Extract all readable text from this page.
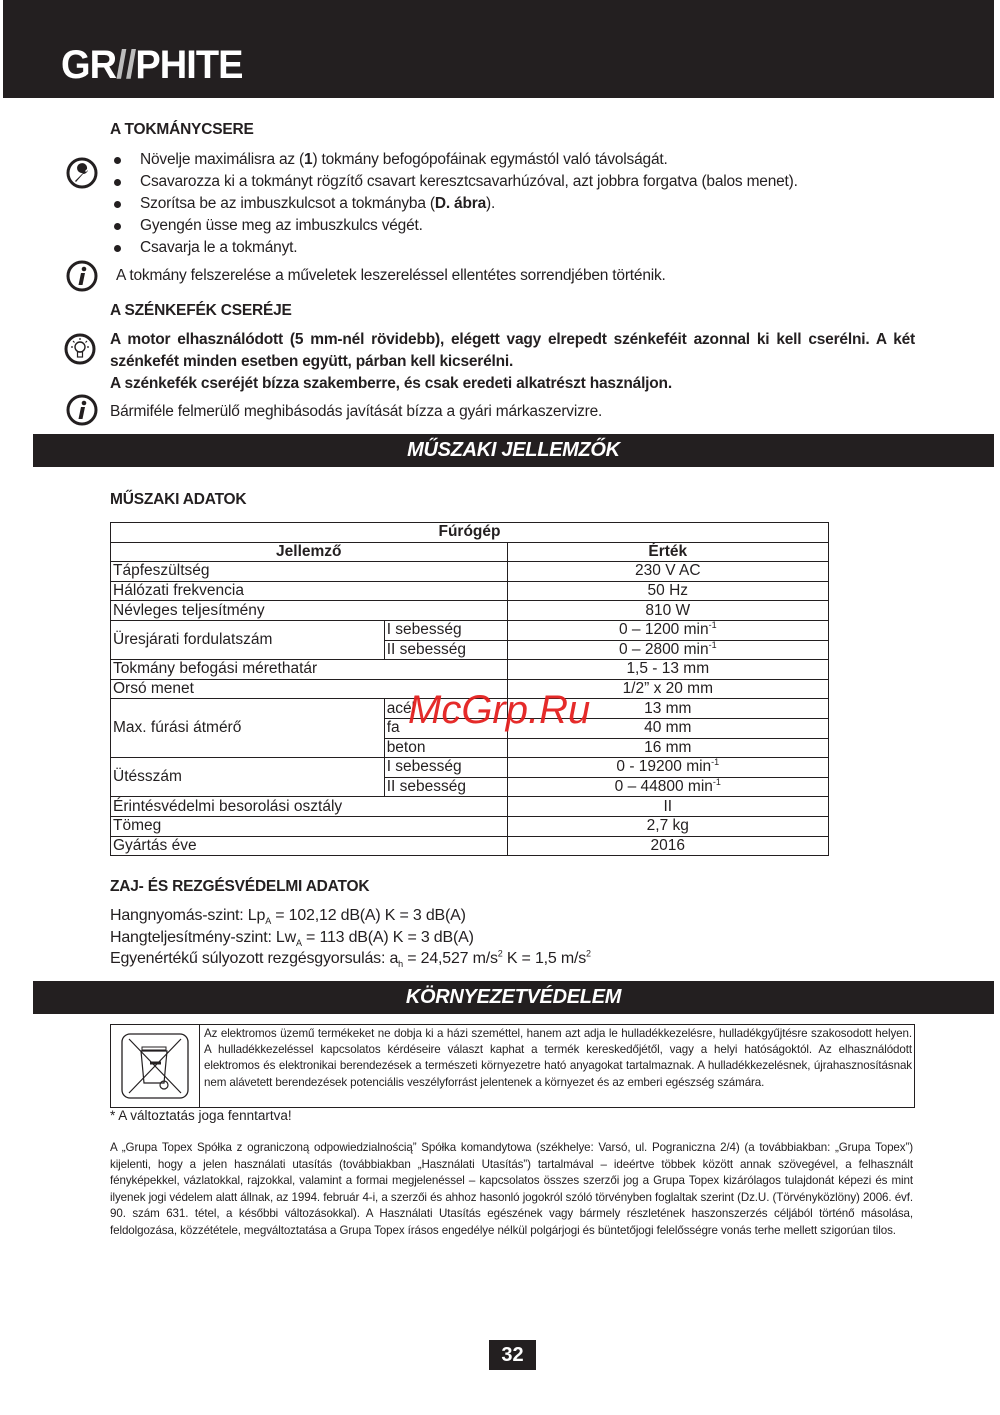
GR//PHITE
A TOKMÁNYCSERE
Növelje maximálisra az (1) tokmány befogópofáinak egymástól való távolságát.
Csavarozza ki a tokmányt rögzítő csavart keresztcsavarhúzóval, azt jobbra forgatva (balos menet).
Szorítsa be az imbuszkulcsot a tokmányba (D. ábra).
Gyengén üsse meg az imbuszkulcs végét.
Csavarja le a tokmányt.
A tokmány felszerelése a műveletek leszereléssel ellentétes sorrendjében történik.
A SZÉNKEFÉK CSERÉJE
A motor elhasználódott (5 mm-nél rövidebb), elégett vagy elrepedt szénkeféit azonnal ki kell cserélni. A két szénkefét minden esetben együtt, párban kell kicserélni.
A szénkefék cseréjét bízza szakemberre, és csak eredeti alkatrészt használjon.
Bármiféle felmerülő meghibásodás javítását bízza a gyári márkaszervizre.
MŰSZAKI JELLEMZŐK
MŰSZAKI ADATOK
Fúrógép		
Jellemző		Érték
Tápfeszültség		230 V AC
Hálózati frekvencia		50 Hz
Névleges teljesítmény		810 W
Üresjárati fordulatszám	I sebesség	0 – 1200 $\min^{-1}$
	II sebesség	0 – 2800 $\min^{-1}$
Tokmány befogási mérethatár		1,5 - 13 mm
Orsó menet		1/2” x 20 mm
Max. fúrási átmérő	acél	13 mm
	fa	40 mm
	beton	16 mm
Ütésszám	I sebesség	0 - 19200 $\min^{-1}$
	II sebesség	0 – 44800 $\min^{-1}$
Érintésvédelmi besorolási osztály		II
Tömeg		2,7 kg
Gyártás éve		2016
McGrp.Ru
ZAJ- ÉS REZGÉSVÉDELMI ADATOK
Hangnyomás-szint: $Lp_A = 102,12$ dB(A) K = 3 dB(A)
Hangteljesítmény-szint: $Lw_A = 113$ dB(A) K = 3 dB(A)
Egyenértékű súlyozott rezgésgyorsulás: $a_h = 24,527$ $m/s^2$ K = 1,5 $m/s^2$
KÖRNYEZETVÉDELEM
Az elektromos üzemű termékeket ne dobja ki a házi szeméttel, hanem azt adja le hulladékkezelésre, hulladékgyűjtésre szakosodott helyen. A hulladékkezeléssel kapcsolatos kérdéseire választ kaphat a termék kereskedőjétől, vagy a helyi hatóságoktól. Az elhasználódott elektromos és elektronikai berendezések a természeti környezetre ható anyagokat tartalmaznak. A hulladékkezelésnek, újrahasznosításnak nem alávetett berendezések potenciális veszélyforrást jelentenek a környezet és az emberi egészség számára.
* A változtatás joga fenntartva!
A „Grupa Topex Spółka z ograniczoną odpowiedzialnością” Spółka komandytowa (székhelye: Varsó, ul. Pograniczna 2/4) (a továbbiakban: „Grupa Topex”) kijelenti, hogy a jelen használati utasítás (továbbiakban „Használati Utasítás”) tartalmával – ideértve többek között annak szövegével, a felhasznált fényképekkel, vázlatokkal, rajzokkal, valamint a formai megjelenéssel – kapcsolatos összes szerzői jog a Grupa Topex kizárólagos tulajdonát képezi és mint ilyenek jogi védelem alatt állnak, az 1994. február 4-i, a szerzői és ahhoz hasonló jogokról szóló törvényben foglaltak szerint (Dz.U. (Törvényközlöny) 2006. évf. 90. szám 631. tétel, a későbbi változásokkal). A Használati Utasítás egészének vagy bármely részletének haszonszerzés céljából történő másolása, feldolgozása, közzététele, megváltoztatása a Grupa Topex írásos engedélye nélkül polgárjogi és büntetőjogi felelősségre vonás terhe mellett szigorúan tilos.
32
